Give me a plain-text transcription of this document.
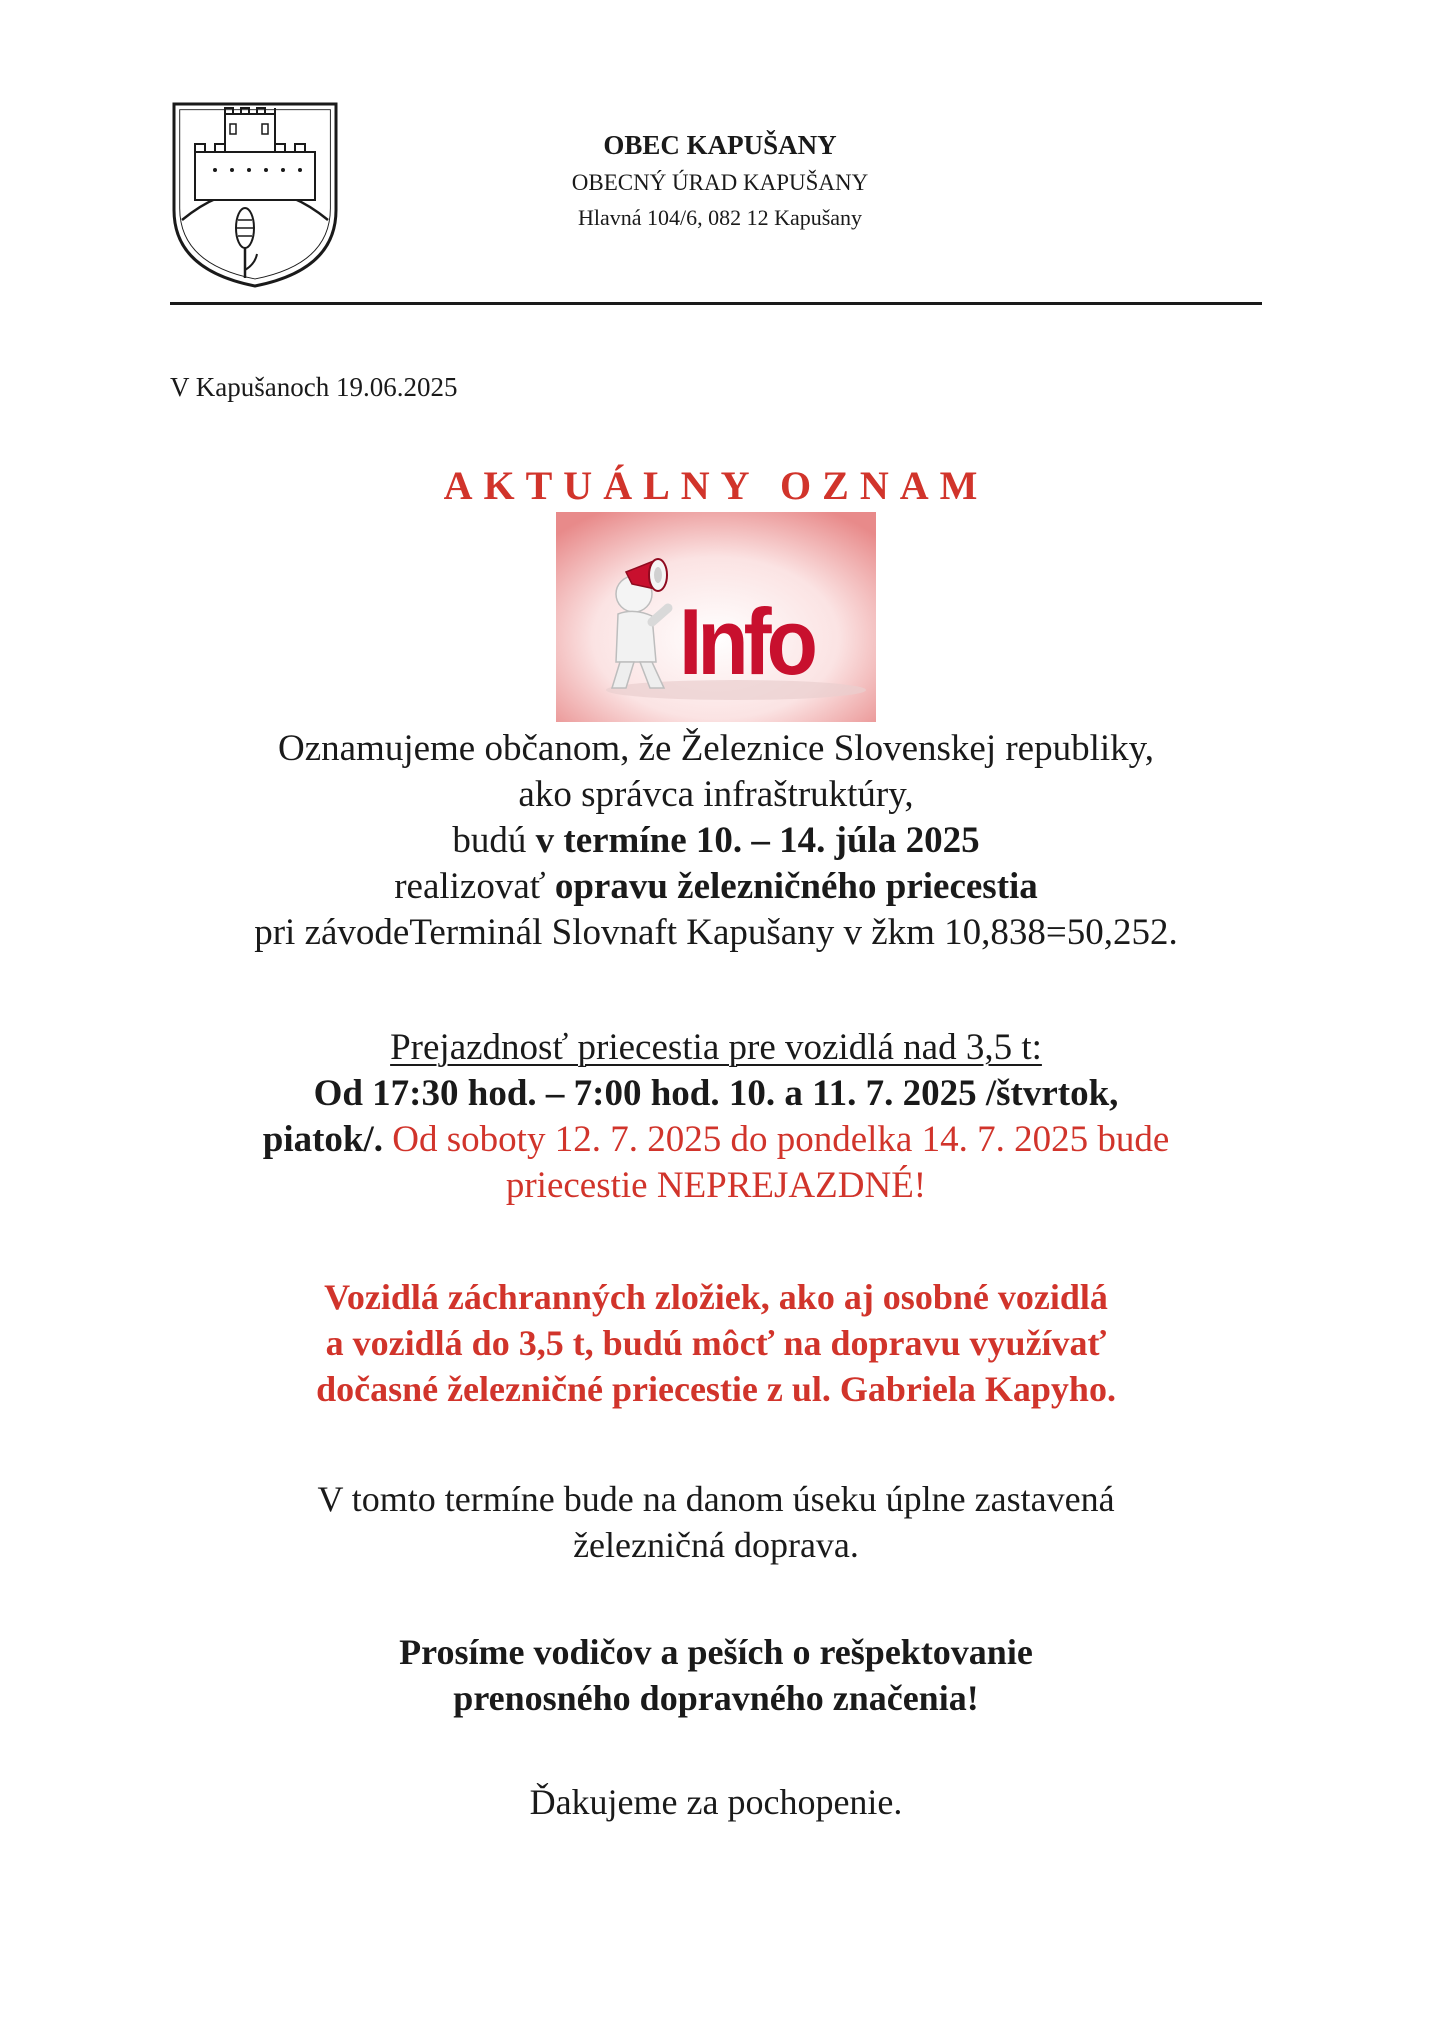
OBEC KAPUŠANY
OBECNÝ ÚRAD KAPUŠANY
Hlavná 104/6, 082 12 Kapušany
V Kapušanoch 19.06.2025
AKTUÁLNY OZNAM
Info
Oznamujeme občanom, že Železnice Slovenskej republiky,
ako správca infraštruktúry,
budú v termíne 10. – 14. júla 2025
realizovať opravu železničného priecestia
pri závodeTerminál Slovnaft Kapušany v žkm 10,838=50,252.
Prejazdnosť priecestia pre vozidlá nad 3,5 t:
Od 17:30 hod. – 7:00 hod. 10. a 11. 7. 2025 /štvrtok,
piatok/. Od soboty 12. 7. 2025 do pondelka 14. 7. 2025 bude
priecestie NEPREJAZDNÉ!
Vozidlá záchranných zložiek, ako aj osobné vozidlá
a vozidlá do 3,5 t, budú môcť na dopravu využívať
dočasné železničné priecestie z ul. Gabriela Kapyho.
V tomto termíne bude na danom úseku úplne zastavená
železničná doprava.
Prosíme vodičov a peších o rešpektovanie
prenosného dopravného značenia!
Ďakujeme za pochopenie.
